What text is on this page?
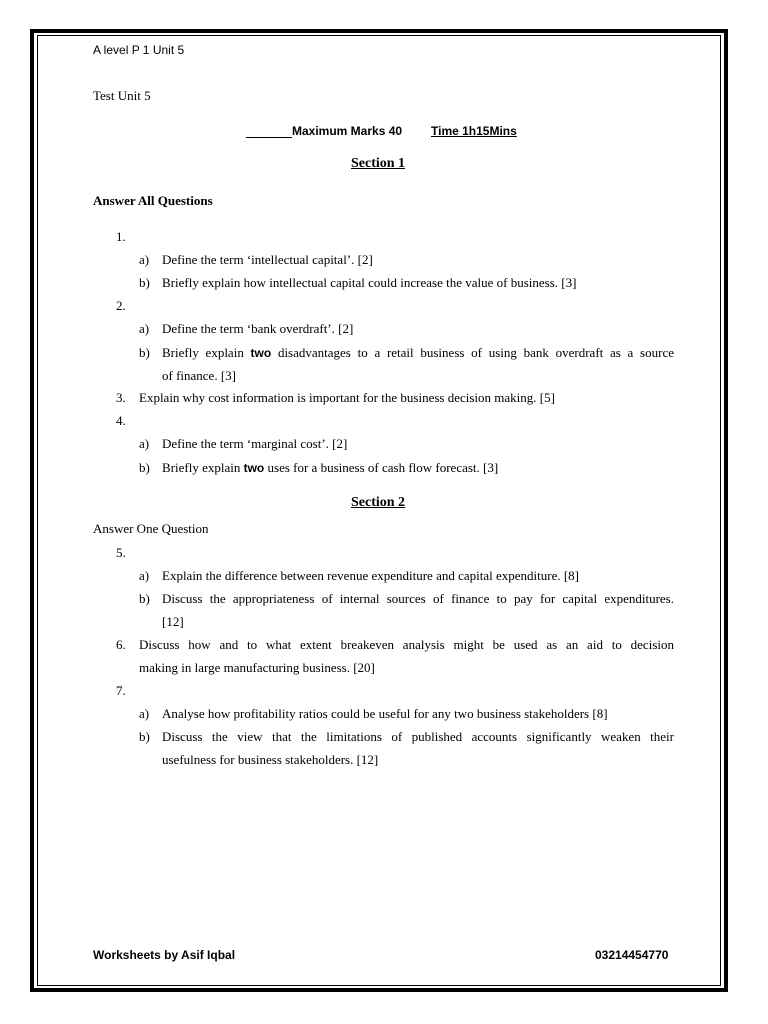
A level P 1 Unit 5
Test Unit 5
Maximum Marks 40 Time 1h15Mins
Section 1
Answer All Questions
1.
a) Define the term ‘intellectual capital’. [2]
b) Briefly explain how intellectual capital could increase the value of business. [3]
2.
a) Define the term ‘bank overdraft’. [2]
b) Briefly explain two disadvantages to a retail business of using bank overdraft as a source
of finance. [3]
3. Explain why cost information is important for the business decision making. [5]
4.
a) Define the term ‘marginal cost’. [2]
b) Briefly explain two uses for a business of cash flow forecast. [3]
Section 2
Answer One Question
5.
a) Explain the difference between revenue expenditure and capital expenditure. [8]
b) Discuss the appropriateness of internal sources of finance to pay for capital expenditures.
[12]
6. Discuss how and to what extent breakeven analysis might be used as an aid to decision
making in large manufacturing business. [20]
7.
a) Analyse how profitability ratios could be useful for any two business stakeholders [8]
b) Discuss the view that the limitations of published accounts significantly weaken their
usefulness for business stakeholders. [12]
Worksheets by Asif Iqbal	03214454770
